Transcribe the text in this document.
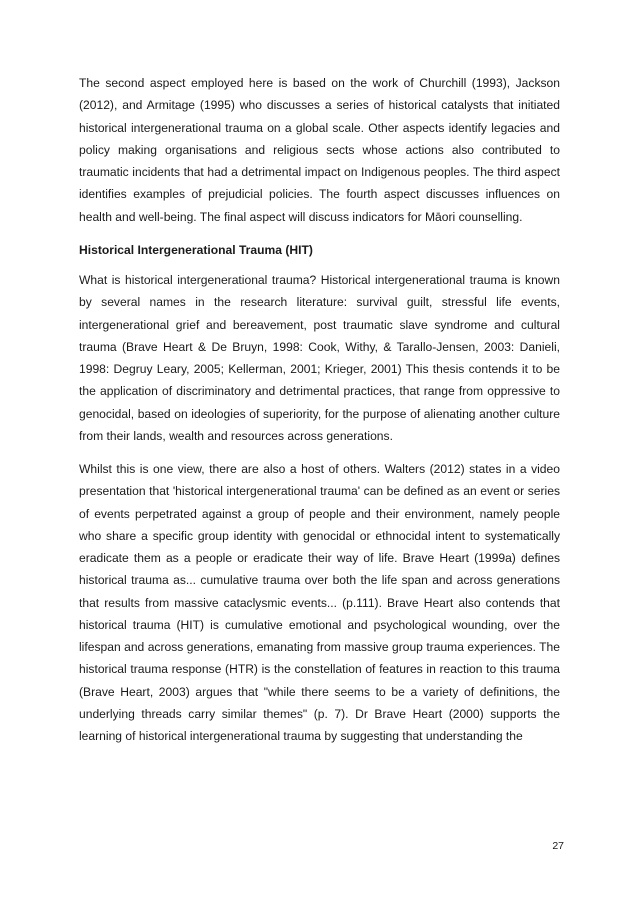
The second aspect employed here is based on the work of Churchill (1993), Jackson (2012), and Armitage (1995) who discusses a series of historical catalysts that initiated historical intergenerational trauma on a global scale. Other aspects identify legacies and policy making organisations and religious sects whose actions also contributed to traumatic incidents that had a detrimental impact on Indigenous peoples. The third aspect identifies examples of prejudicial policies. The fourth aspect discusses influences on health and well-being. The final aspect will discuss indicators for Māori counselling.

Historical Intergenerational Trauma (HIT)

What is historical intergenerational trauma? Historical intergenerational trauma is known by several names in the research literature: survival guilt, stressful life events, intergenerational grief and bereavement, post traumatic slave syndrome and cultural trauma (Brave Heart & De Bruyn, 1998: Cook, Withy, & Tarallo-Jensen, 2003: Danieli, 1998: Degruy Leary, 2005; Kellerman, 2001; Krieger, 2001) This thesis contends it to be the application of discriminatory and detrimental practices, that range from oppressive to genocidal, based on ideologies of superiority, for the purpose of alienating another culture from their lands, wealth and resources across generations.

Whilst this is one view, there are also a host of others. Walters (2012) states in a video presentation that 'historical intergenerational trauma' can be defined as an event or series of events perpetrated against a group of people and their environment, namely people who share a specific group identity with genocidal or ethnocidal intent to systematically eradicate them as a people or eradicate their way of life. Brave Heart (1999a) defines historical trauma as... cumulative trauma over both the life span and across generations that results from massive cataclysmic events... (p.111). Brave Heart also contends that historical trauma (HIT) is cumulative emotional and psychological wounding, over the lifespan and across generations, emanating from massive group trauma experiences. The historical trauma response (HTR) is the constellation of features in reaction to this trauma (Brave Heart, 2003) argues that "while there seems to be a variety of definitions, the underlying threads carry similar themes" (p. 7). Dr Brave Heart (2000) supports the learning of historical intergenerational trauma by suggesting that understanding the

27
